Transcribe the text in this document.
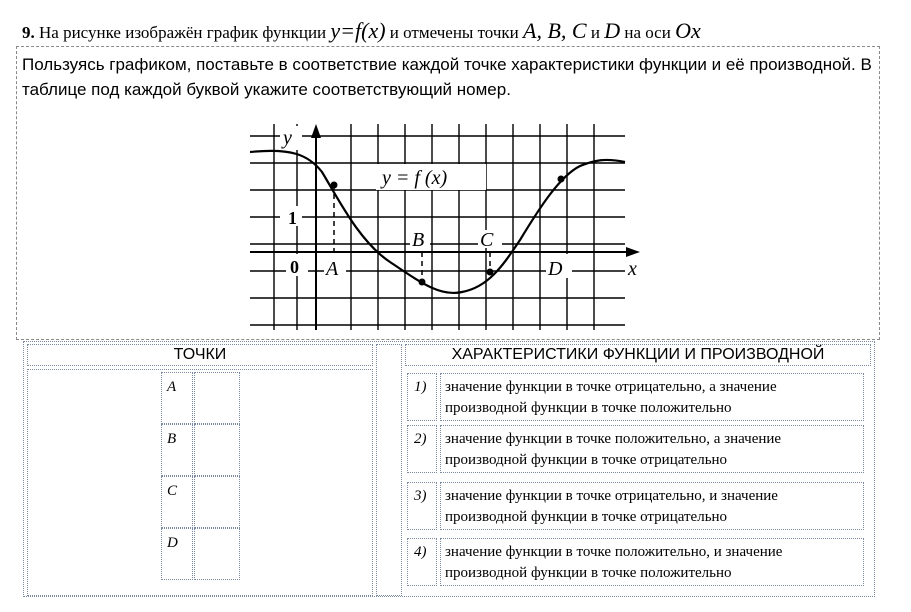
9. На рисунке изображён график функции y=f(x) и отмечены точки A, B, C и D на оси Ox
Пользуясь графиком, поставьте в соответствие каждой точке характеристики функции и её производной. В таблице под каждой буквой укажите соответствующий номер.
y
x
y = f (x)
A
B	C
D
0
1
ТОЧКИ	ХАРАКТЕРИСТИКИ ФУНКЦИИ И ПРОИЗВОДНОЙ
A
B
C
D
1)	значение функции в точке отрицательно, а значение производной функции в точке положительно
2)	значение функции в точке положительно, а значение производной функции в точке отрицательно
3)	значение функции в точке отрицательно, и значение производной функции в точке отрицательно
4)	значение функции в точке положительно, и значение производной функции в точке положительно
